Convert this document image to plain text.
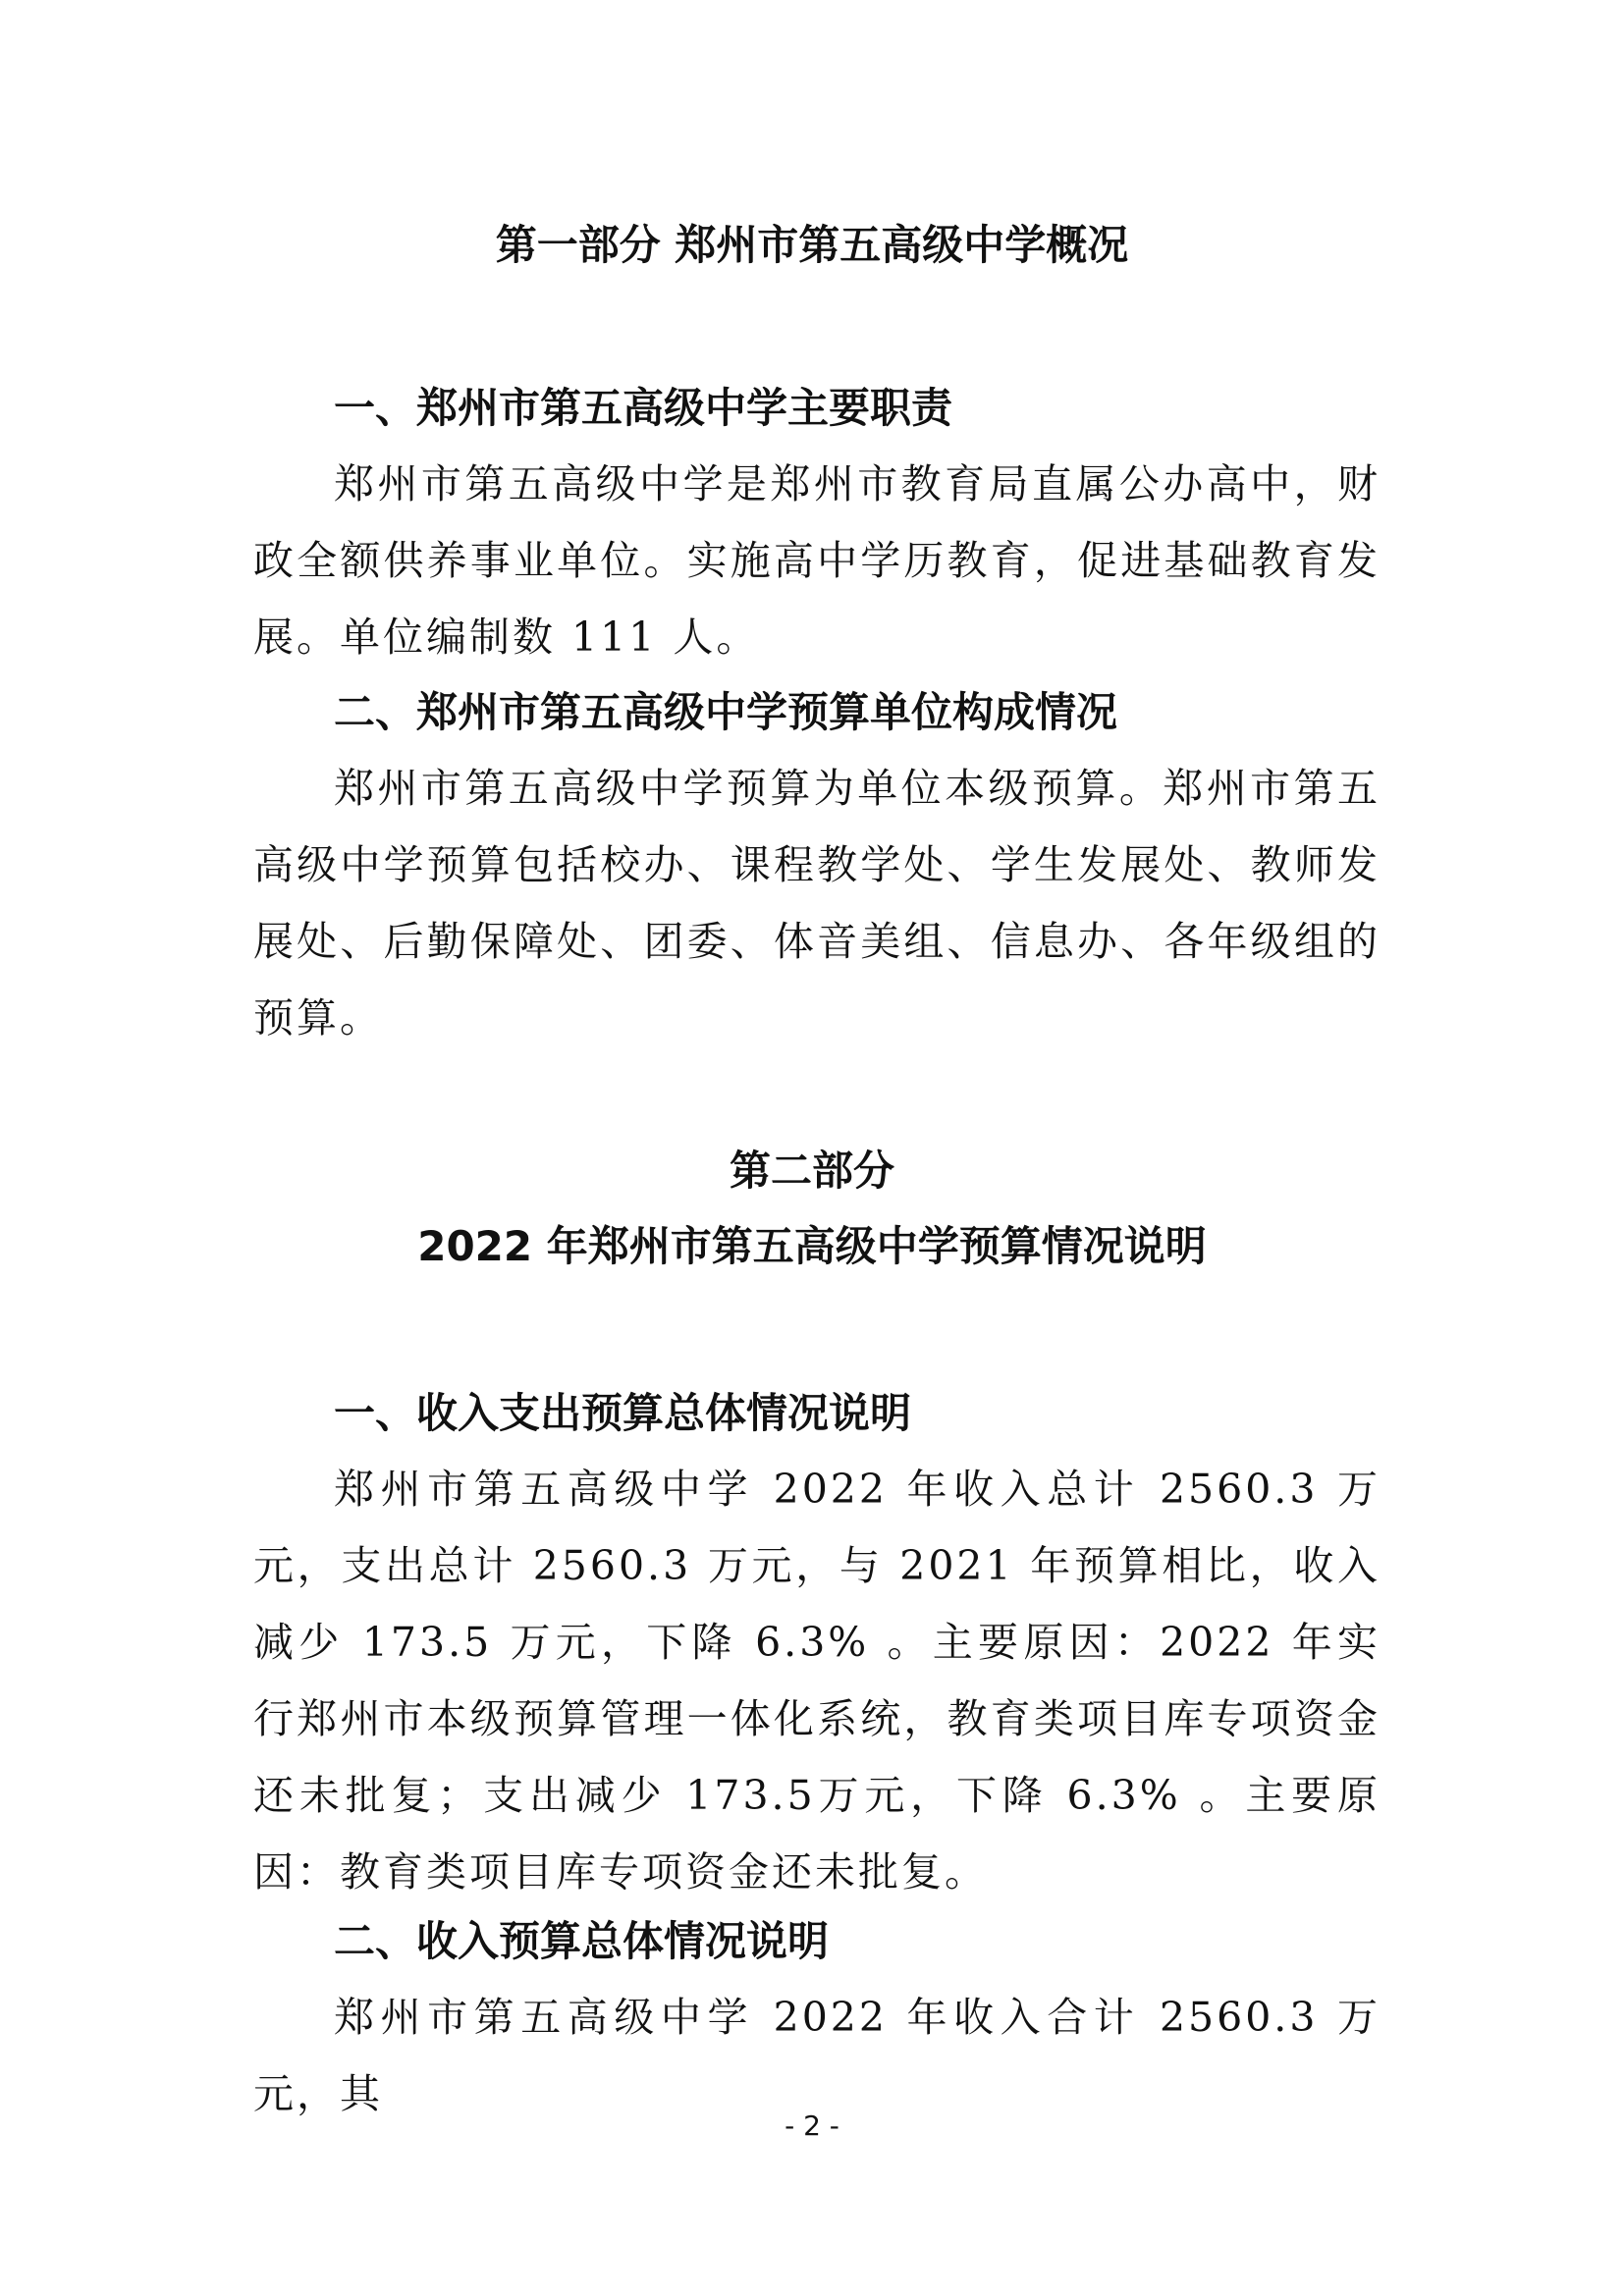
第一部分 郑州市第五高级中学概况
一、郑州市第五高级中学主要职责

郑州市第五高级中学是郑州市教育局直属公办高中，财政全额供养事业单位。实施高中学历教育，促进基础教育发展。单位编制数 111 人。

二、郑州市第五高级中学预算单位构成情况

郑州市第五高级中学预算为单位本级预算。郑州市第五高级中学预算包括校办、课程教学处、学生发展处、教师发展处、后勤保障处、团委、体音美组、信息办、各年级组的预算。

第二部分
2022 年郑州市第五高级中学预算情况说明
一、收入支出预算总体情况说明

郑州市第五高级中学 2022 年收入总计 2560.3 万元，支出总计 2560.3 万元，与 2021 年预算相比，收入减少 173.5 万元，下降 6.3% 。主要原因：2022 年实行郑州市本级预算管理一体化系统，教育类项目库专项资金还未批复；支出减少 173.5万元，下降 6.3% 。主要原因：教育类项目库专项资金还未批复。

二、收入预算总体情况说明

郑州市第五高级中学 2022 年收入合计 2560.3 万元，其

- 2 -
